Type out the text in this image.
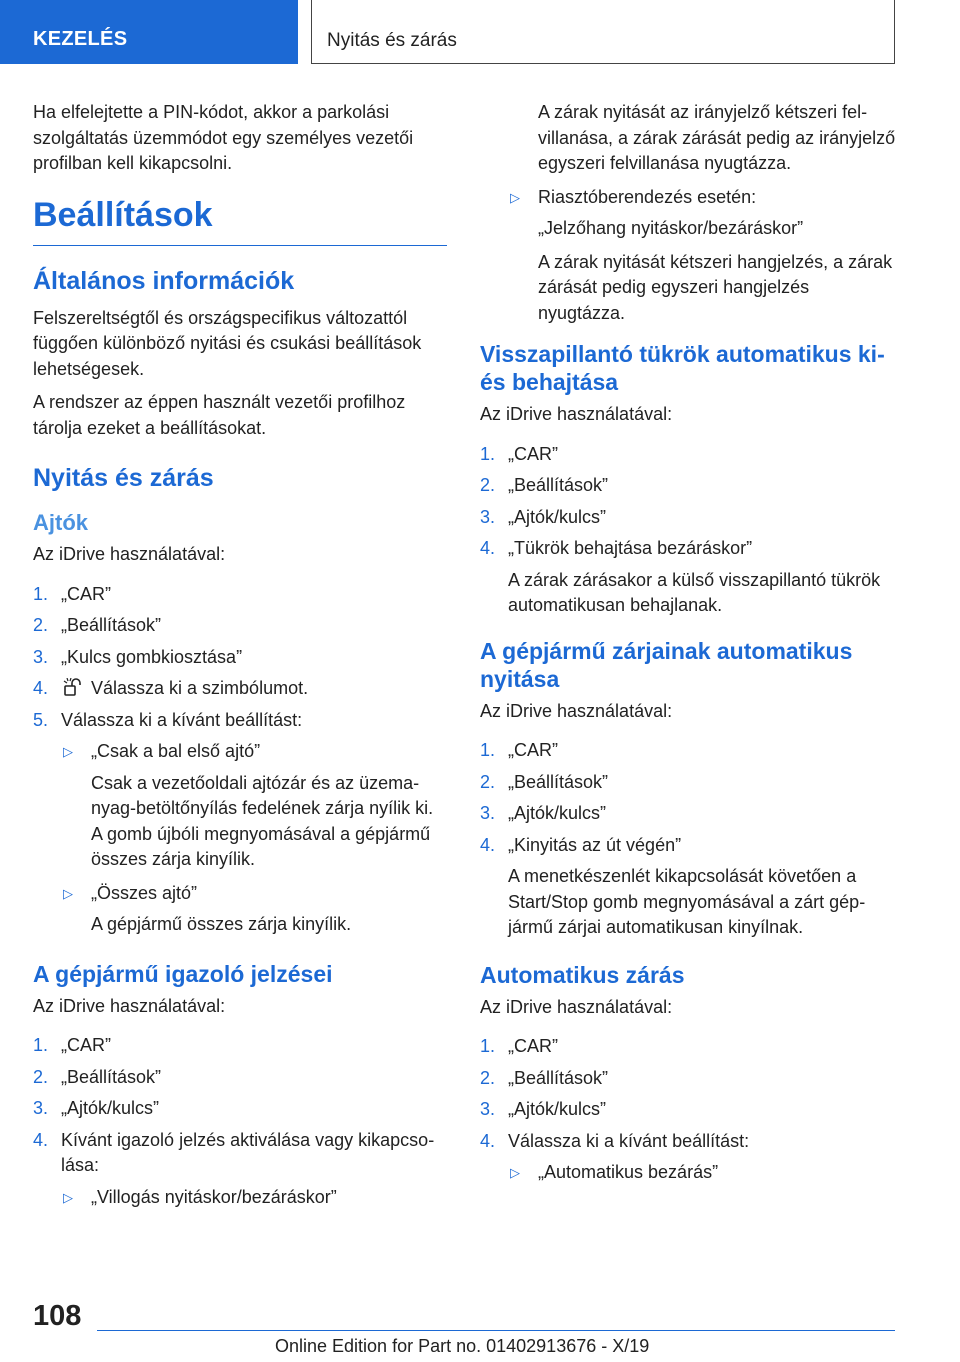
KEZELÉS	Nyitás és zárás

Ha elfelejtette a PIN-kódot, akkor a parkolási szolgáltatás üzemmódot egy személyes vezetői profilban kell kikapcsolni.

Beállítások
Általános információk

Felszereltségtől és országspecifikus változattól függően különböző nyitási és csukási beállítások lehetségesek.

A rendszer az éppen használt vezetői profilhoz tárolja ezeket a beállításokat.

Nyitás és zárás
Ajtók

Az iDrive használatával:

1. „CAR”
2. „Beállítások”
3. „Kulcs gombkiosztása”
4.	Válassza ki a szimbólumot.
5. Válassza ki a kívánt beállítást:
▷ „Csak a bal első ajtó”
Csak a vezetőoldali ajtózár és az üzemanyag-betöltőnyílás fedelének zárja nyílik ki. A gomb újbóli megnyomásával a gépjármű összes zárja kinyílik.
▷ „Összes ajtó”
A gépjármű összes zárja kinyílik.
A gépjármű igazoló jelzései

Az iDrive használatával:

1. „CAR”
2. „Beállítások”
3. „Ajtók/kulcs”
4. Kívánt igazoló jelzés aktiválása vagy kikapcsolása:
▷ „Villogás nyitáskor/bezáráskor”
A zárak nyitását az irányjelző kétszeri felvillanása, a zárak zárását pedig az irányjelző egyszeri felvillanása nyugtázza.
▷ Riasztóberendezés esetén:
„Jelzőhang nyitáskor/bezáráskor”
A zárak nyitását kétszeri hangjelzés, a zárak zárását pedig egyszeri hangjelzés nyugtázza.
Visszapillantó tükrök automatikus ki- és behajtása

Az iDrive használatával:

1. „CAR”
2. „Beállítások”
3. „Ajtók/kulcs”
4. „Tükrök behajtása bezáráskor”
A zárak zárásakor a külső visszapillantó tükrök automatikusan behajlanak.
A gépjármű zárjainak automatikus nyitása

Az iDrive használatával:

1. „CAR”
2. „Beállítások”
3. „Ajtók/kulcs”
4. „Kinyitás az út végén”
A menetkészenlét kikapcsolását követően a Start/Stop gomb megnyomásával a zárt gépjármű zárjai automatikusan kinyílnak.
Automatikus zárás

Az iDrive használatával:

1. „CAR”
2. „Beállítások”
3. „Ajtók/kulcs”
4. Válassza ki a kívánt beállítást:
▷ „Automatikus bezárás”
108
Online Edition for Part no. 01402913676 - X/19
